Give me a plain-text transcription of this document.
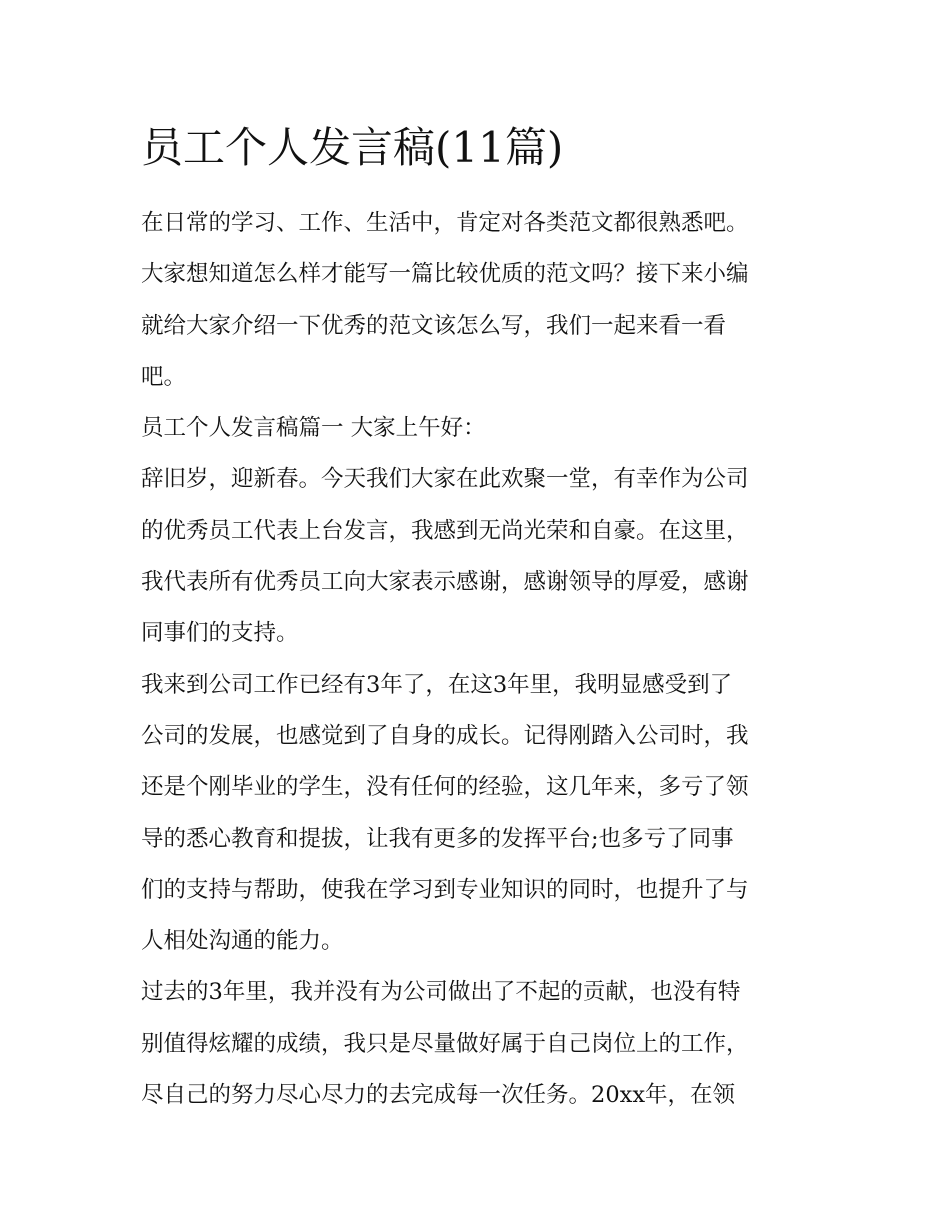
员工个人发言稿(11篇)

在日常的学习、工作、生活中，肯定对各类范文都很熟悉吧。

大家想知道怎么样才能写一篇比较优质的范文吗？接下来小编

就给大家介绍一下优秀的范文该怎么写，我们一起来看一看

吧。

员工个人发言稿篇一 大家上午好：

辞旧岁，迎新春。今天我们大家在此欢聚一堂，有幸作为公司

的优秀员工代表上台发言，我感到无尚光荣和自豪。在这里，

我代表所有优秀员工向大家表示感谢，感谢领导的厚爱，感谢

同事们的支持。

我来到公司工作已经有3年了，在这3年里，我明显感受到了

公司的发展，也感觉到了自身的成长。记得刚踏入公司时，我

还是个刚毕业的学生，没有任何的经验，这几年来，多亏了领

导的悉心教育和提拔，让我有更多的发挥平台;也多亏了同事

们的支持与帮助，使我在学习到专业知识的同时，也提升了与

人相处沟通的能力。

过去的3年里，我并没有为公司做出了不起的贡献，也没有特

别值得炫耀的成绩，我只是尽量做好属于自己岗位上的工作，

尽自己的努力尽心尽力的去完成每一次任务。20xx年，在领
